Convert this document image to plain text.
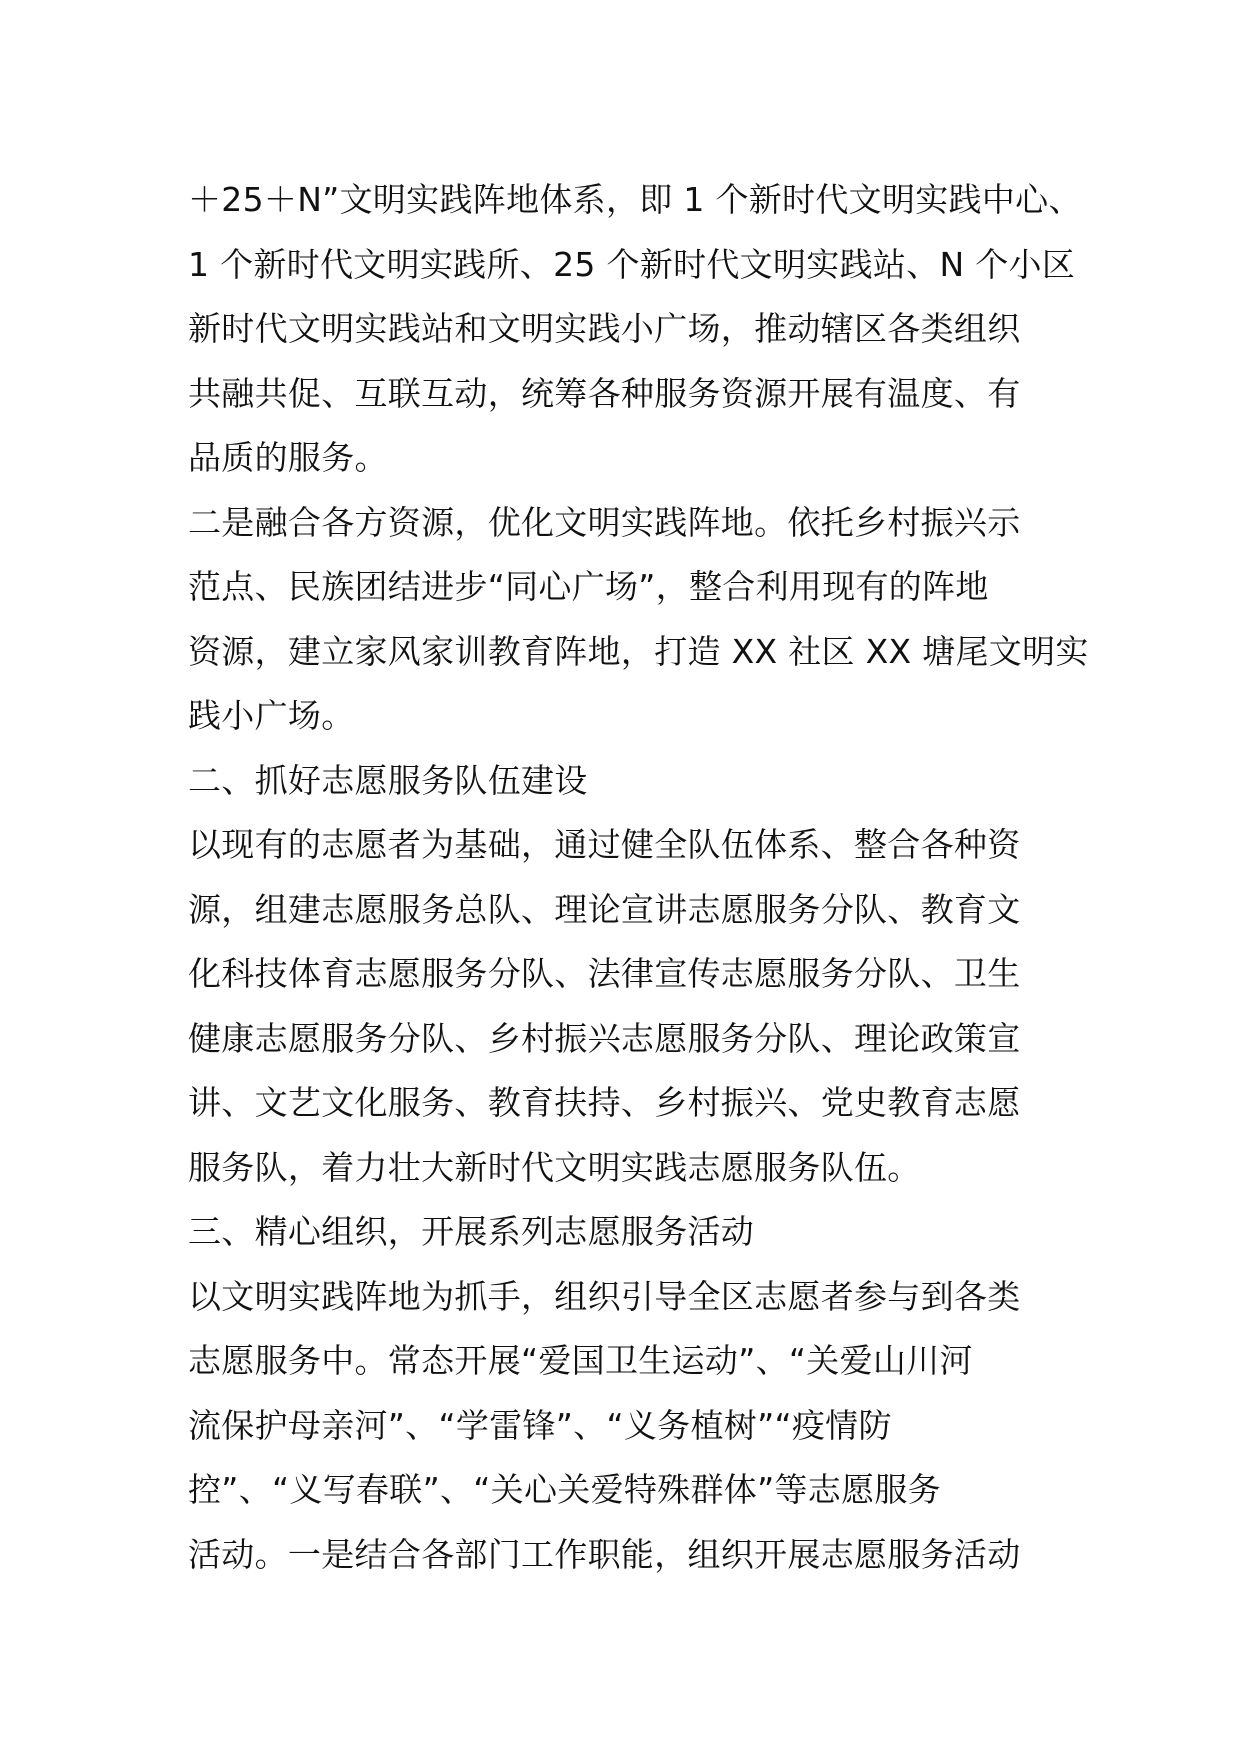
＋25＋N”文明实践阵地体系，即 1 个新时代文明实践中心、
1 个新时代文明实践所、25 个新时代文明实践站、N 个小区
新时代文明实践站和文明实践小广场，推动辖区各类组织
共融共促、互联互动，统筹各种服务资源开展有温度、有
品质的服务。
二是融合各方资源，优化文明实践阵地。依托乡村振兴示
范点、民族团结进步“同心广场”，整合利用现有的阵地
资源，建立家风家训教育阵地，打造 XX 社区 XX 塘尾文明实
践小广场。
二、抓好志愿服务队伍建设
以现有的志愿者为基础，通过健全队伍体系、整合各种资
源，组建志愿服务总队、理论宣讲志愿服务分队、教育文
化科技体育志愿服务分队、法律宣传志愿服务分队、卫生
健康志愿服务分队、乡村振兴志愿服务分队、理论政策宣
讲、文艺文化服务、教育扶持、乡村振兴、党史教育志愿
服务队，着力壮大新时代文明实践志愿服务队伍。
三、精心组织，开展系列志愿服务活动
以文明实践阵地为抓手，组织引导全区志愿者参与到各类
志愿服务中。常态开展“爱国卫生运动”、“关爱山川河
流保护母亲河”、“学雷锋”、“义务植树”“疫情防
控”、“义写春联”、“关心关爱特殊群体”等志愿服务
活动。一是结合各部门工作职能，组织开展志愿服务活动
